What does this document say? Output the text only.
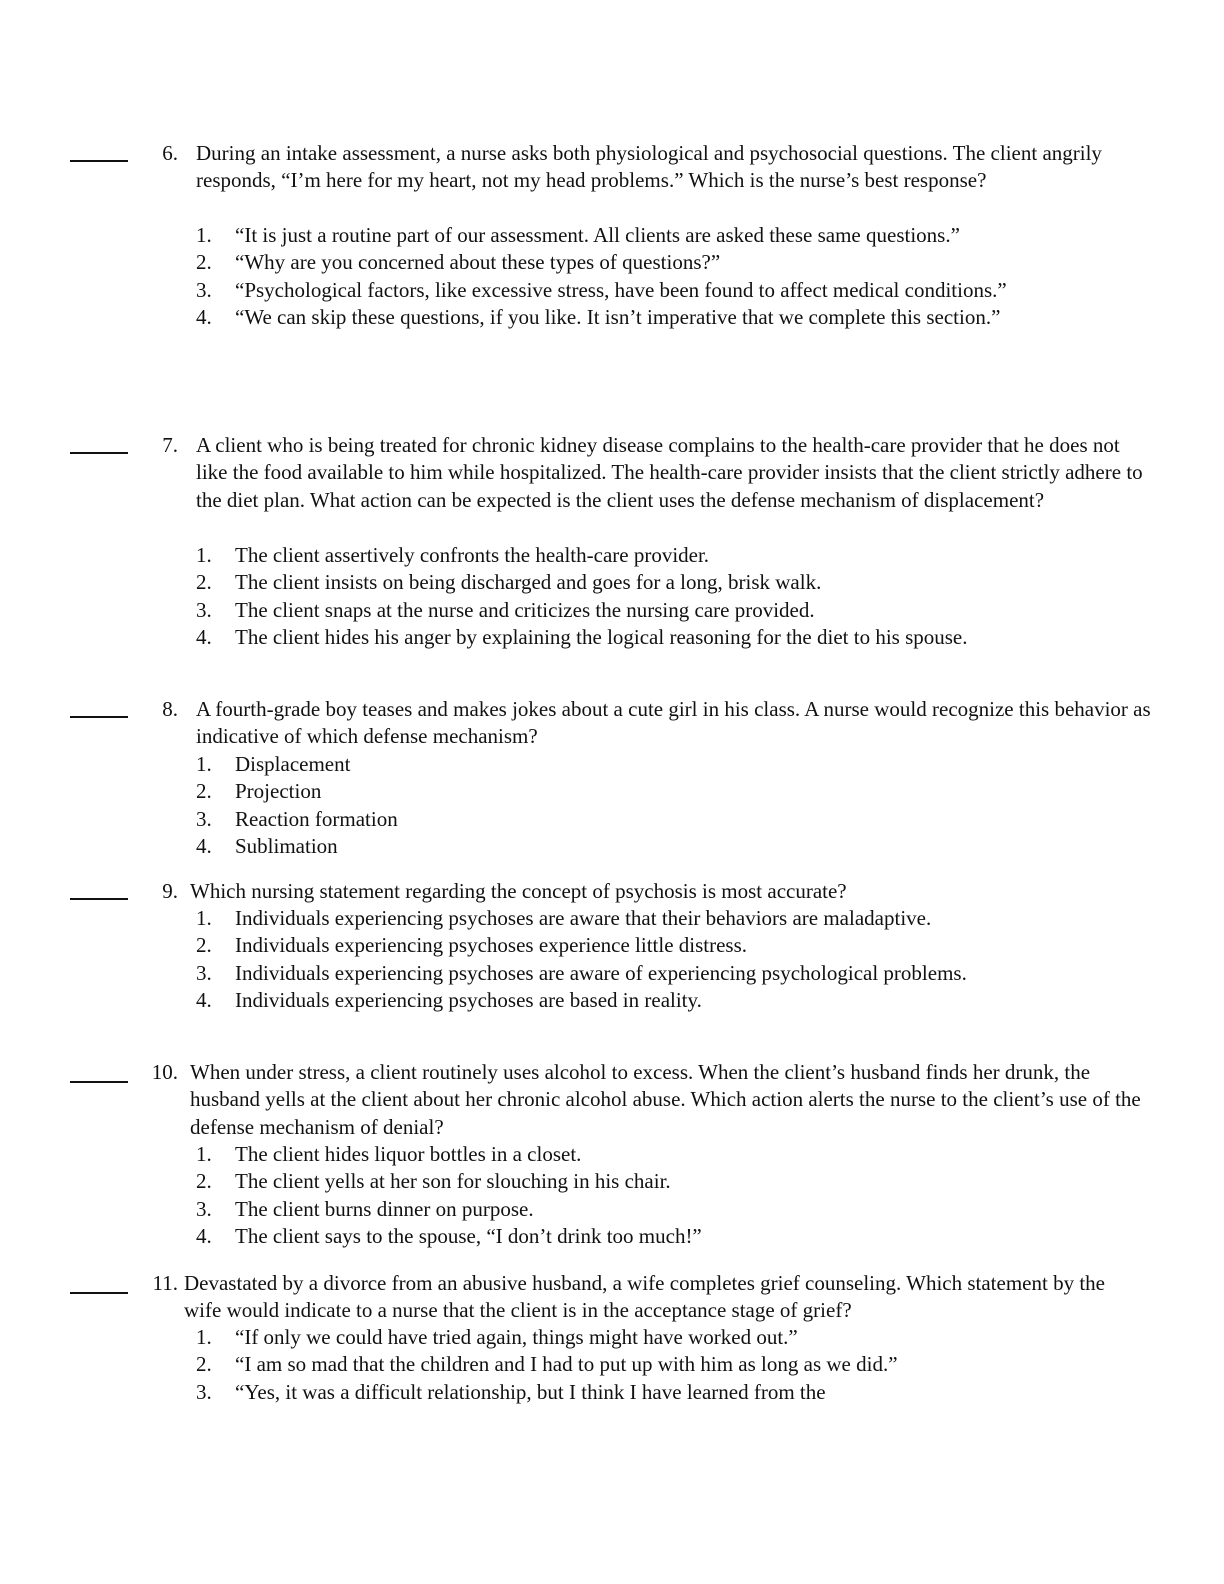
6. During an intake assessment, a nurse asks both physiological and psychosocial questions. The client angrily responds, “I’m here for my heart, not my head problems.” Which is the nurse’s best response?

1. “It is just a routine part of our assessment. All clients are asked these same questions.”
2. “Why are you concerned about these types of questions?”
3. “Psychological factors, like excessive stress, have been found to affect medical conditions.”
4. “We can skip these questions, if you like. It isn’t imperative that we complete this section.”
7. A client who is being treated for chronic kidney disease complains to the health-care provider that he does not like the food available to him while hospitalized. The health-care provider insists that the client strictly adhere to the diet plan. What action can be expected is the client uses the defense mechanism of displacement?

1. The client assertively confronts the health-care provider.
2. The client insists on being discharged and goes for a long, brisk walk.
3. The client snaps at the nurse and criticizes the nursing care provided.
4. The client hides his anger by explaining the logical reasoning for the diet to his spouse.
8. A fourth-grade boy teases and makes jokes about a cute girl in his class. A nurse would recognize this behavior as indicative of which defense mechanism?

1. Displacement
2. Projection
3. Reaction formation
4. Sublimation
9. Which nursing statement regarding the concept of psychosis is most accurate?

1. Individuals experiencing psychoses are aware that their behaviors are maladaptive.
2. Individuals experiencing psychoses experience little distress.
3. Individuals experiencing psychoses are aware of experiencing psychological problems.
4. Individuals experiencing psychoses are based in reality.
10. When under stress, a client routinely uses alcohol to excess. When the client’s husband finds her drunk, the husband yells at the client about her chronic alcohol abuse. Which action alerts the nurse to the client’s use of the defense mechanism of denial?

1. The client hides liquor bottles in a closet.
2. The client yells at her son for slouching in his chair.
3. The client burns dinner on purpose.
4. The client says to the spouse, “I don’t drink too much!”
11. Devastated by a divorce from an abusive husband, a wife completes grief counseling. Which statement by the wife would indicate to a nurse that the client is in the acceptance stage of grief?

1. “If only we could have tried again, things might have worked out.”
2. “I am so mad that the children and I had to put up with him as long as we did.”
3. “Yes, it was a difficult relationship, but I think I have learned from the
